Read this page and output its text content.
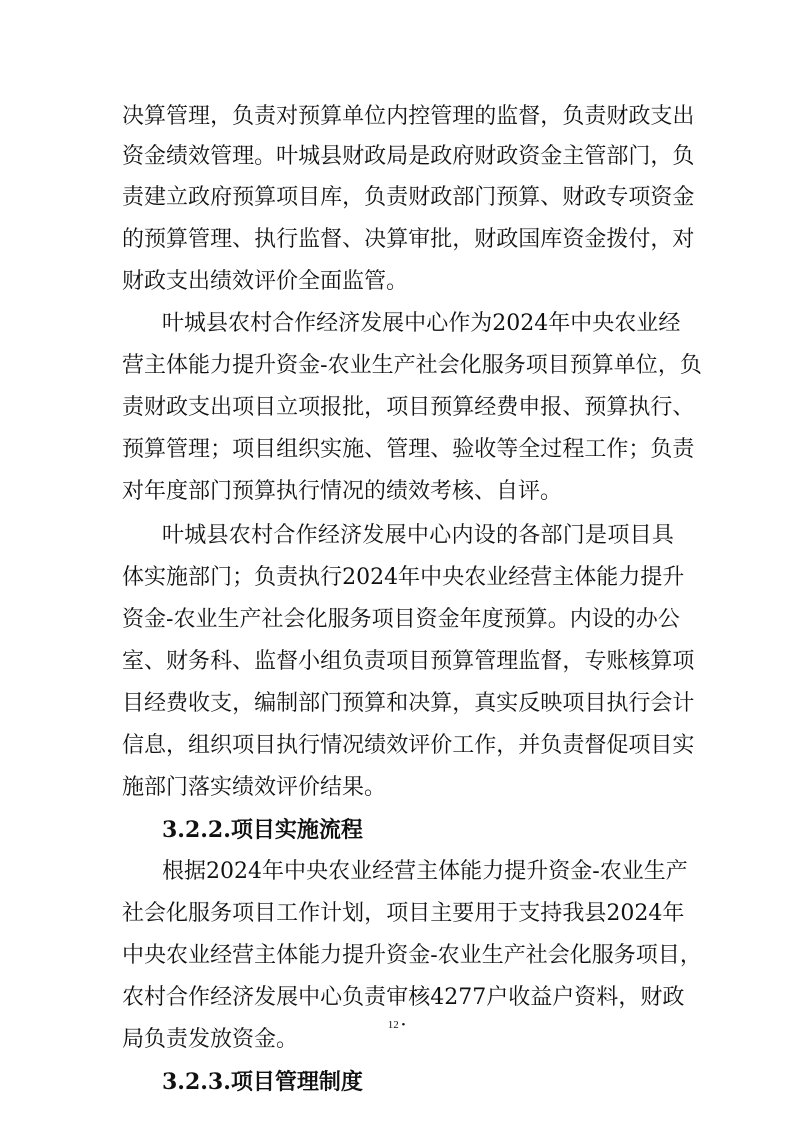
决 算 管 理 ， 负 责 对 预 算 单 位 内 控 管 理 的 监 督 ， 负 责 财 政 支 出
资 金 绩 效 管 理 。 叶 城 县 财 政 局 是 政 府 财 政 资 金 主 管 部 门 ， 负
责 建 立 政 府 预 算 项 目 库 ， 负 责 财 政 部 门 预 算 、 财 政 专 项 资 金
的 预 算 管 理 、 执 行 监 督 、 决 算 审 批 ， 财 政 国 库 资 金 拨 付 ， 对
财政支出绩效评价全面监管。
叶 城 县 农 村 合 作 经 济 发 展 中 心 作 为 2024 年 中 央 农 业 经
营 主 体 能 力 提 升 资 金 - 农 业 生 产 社 会 化 服 务 项 目 预 算 单 位 ， 负
责 财 政 支 出 项 目 立 项 报 批 ， 项 目 预 算 经 费 申 报 、 预 算 执 行 、
预 算 管 理 ； 项 目 组 织 实 施 、 管 理 、 验 收 等 全 过 程 工 作 ； 负 责
对年度部门预算执行情况的绩效考核、自评。
叶 城 县 农 村 合 作 经 济 发 展 中 心 内 设 的 各 部 门 是 项 目 具
体 实 施 部 门 ； 负 责 执 行 2024 年 中 央 农 业 经 营 主 体 能 力 提 升
资 金 - 农 业 生 产 社 会 化 服 务 项 目 资 金 年 度 预 算 。 内 设 的 办 公
室 、 财 务 科 、 监 督 小 组 负 责 项 目 预 算 管 理 监 督 ， 专 账 核 算 项
目 经 费 收 支 ， 编 制 部 门 预 算 和 决 算 ， 真 实 反 映 项 目 执 行 会 计
信 息 ， 组 织 项 目 执 行 情 况 绩 效 评 价 工 作 ， 并 负 责 督 促 项 目 实
施部门落实绩效评价结果。
3.2.2.项目实施流程
根 据 2024 年 中 央 农 业 经 营 主 体 能 力 提 升 资 金 - 农 业 生 产
社 会 化 服 务 项 目 工 作 计 划 ， 项 目 主 要 用 于 支 持 我 县 2024 年
中 央 农 业 经 营 主 体 能 力 提 升 资 金 - 农 业 生 产 社 会 化 服 务 项 目 ，
农 村 合 作 经 济 发 展 中 心 负 责 审 核 4277 户 收 益 户 资 料 ， 财 政
局负责发放资金。
3.2.3.项目管理制度
12 •
